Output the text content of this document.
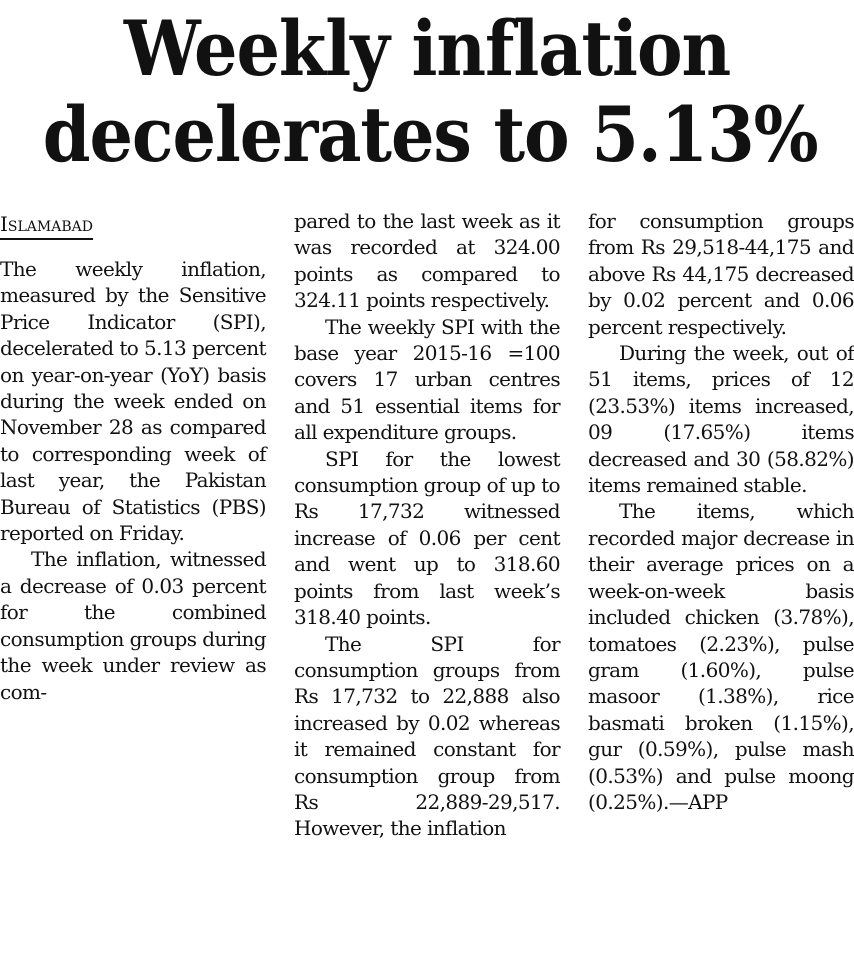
Weekly inflation
decelerates to 5.13%
Islamabad

The weekly inflation, measured by the Sensitive Price Indicator (SPI), decelerated to 5.13 percent on year-on-year (YoY) basis during the week ended on November 28 as compared to corresponding week of last year, the Pakistan Bureau of Statistics (PBS) reported on Friday.

The inflation, witnessed a decrease of 0.03 percent for the combined consumption groups during the week under review as com-

pared to the last week as it was recorded at 324.00 points as compared to 324.11 points respectively.

The weekly SPI with the base year 2015-16 =100 covers 17 urban centres and 51 essential items for all expenditure groups.

SPI for the lowest consumption group of up to Rs 17,732 witnessed increase of 0.06 per cent and went up to 318.60 points from last week’s 318.40 points.

The SPI for consumption groups from Rs 17,732 to 22,888 also increased by 0.02 whereas it remained constant for consumption group from Rs 22,889-29,517. However, the inflation

for consumption groups from Rs 29,518-44,175 and above Rs 44,175 decreased by 0.02 percent and 0.06 percent respectively.

During the week, out of 51 items, prices of 12 (23.53%) items increased, 09 (17.65%) items decreased and 30 (58.82%) items remained stable.

The items, which recorded major decrease in their average prices on a week-on-week basis included chicken (3.78%), tomatoes (2.23%), pulse gram (1.60%), pulse masoor (1.38%), rice basmati broken (1.15%), gur (0.59%), pulse mash (0.53%) and pulse moong (0.25%).—APP
